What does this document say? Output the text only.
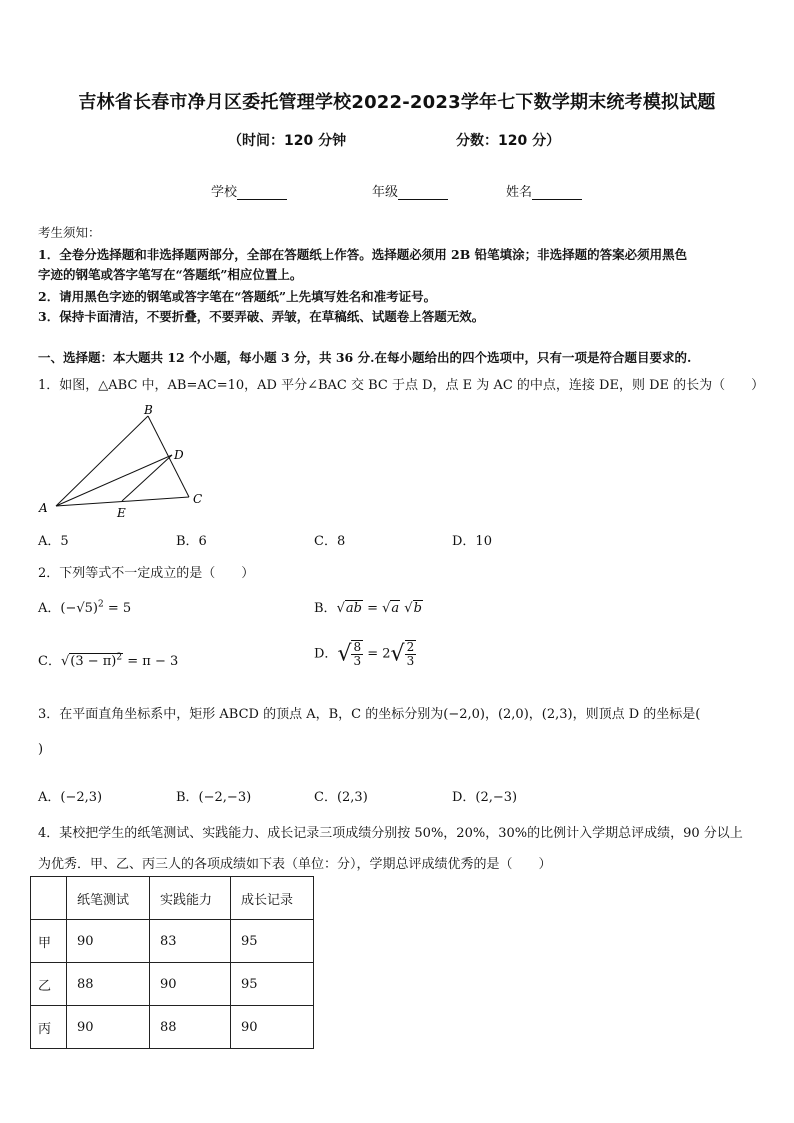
吉林省长春市净月区委托管理学校2022-2023学年七下数学期末统考模拟试题
（时间：120 分钟	分数：120 分）
学校	年级	姓名
考生须知：
1．全卷分选择题和非选择题两部分，全部在答题纸上作答。选择题必须用 2B 铅笔填涂；非选择题的答案必须用黑色
字迹的钢笔或答字笔写在“答题纸”相应位置上。
2．请用黑色字迹的钢笔或答字笔在“答题纸”上先填写姓名和准考证号。
3．保持卡面清洁，不要折叠，不要弄破、弄皱，在草稿纸、试题卷上答题无效。
一、选择题：本大题共 12 个小题，每小题 3 分，共 36 分.在每小题给出的四个选项中，只有一项是符合题目要求的.
1．如图，△ABC 中，AB=AC=10，AD 平分∠BAC 交 BC 于点 D，点 E 为 AC 的中点，连接 DE，则 DE 的长为（　　）
B
D
C
A	E
A．5	B．6	C．8	D．10
2．下列等式不一定成立的是（　　）
A．$(-√5)^2 = 5$	B．√ab = √a √b
C．$√(3 - \pi)^2 = \pi - 3$	D．√ $\frac{8}{3} = 2√ \frac{2}{3}$
3．在平面直角坐标系中，矩形 ABCD 的顶点 A，B，C 的坐标分别为(−2,0)，(2,0)，(2,3)，则顶点 D 的坐标是(
)
A．(−2,3)	B．(−2,−3)	C．(2,3)	D．(2,−3)
4．某校把学生的纸笔测试、实践能力、成长记录三项成绩分别按 50%，20%，30%的比例计入学期总评成绩，90 分以上
为优秀．甲、乙、丙三人的各项成绩如下表（单位：分），学期总评成绩优秀的是（　　）
	纸笔测试	实践能力	成长记录
甲	90	83	95
乙	88	90	95
丙	90	88	90
